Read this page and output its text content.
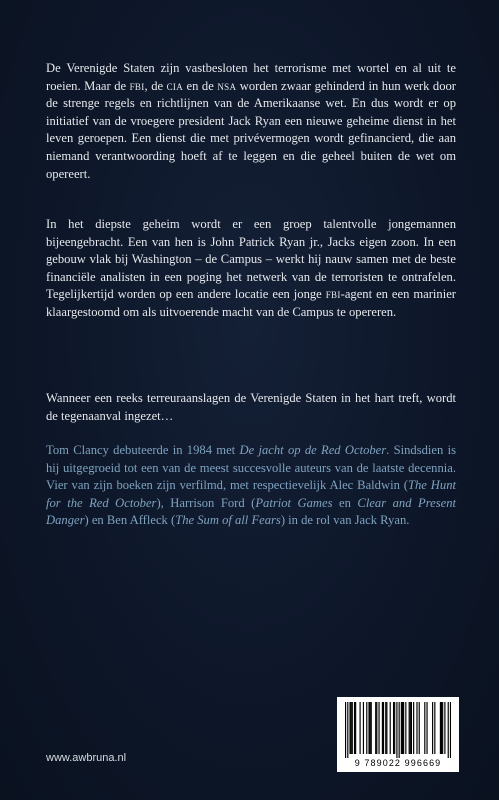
De Verenigde Staten zijn vastbesloten het terrorisme met wortel en al uit te roeien. Maar de fbi, de cia en de nsa worden zwaar gehinderd in hun werk door de strenge regels en richtlijnen van de Amerikaanse wet. En dus wordt er op initiatief van de vroegere president Jack Ryan een nieuwe geheime dienst in het leven geroepen. Een dienst die met privévermogen wordt gefinancierd, die aan niemand verantwoording hoeft af te leggen en die geheel buiten de wet om opereert.

In het diepste geheim wordt er een groep talentvolle jongemannen bijeengebracht. Een van hen is John Patrick Ryan jr., Jacks eigen zoon. In een gebouw vlak bij Washington – de Campus – werkt hij nauw samen met de beste financiële analisten in een poging het netwerk van de terroristen te ontrafelen. Tegelijkertijd worden op een andere locatie een jonge fbi-agent en een marinier klaargestoomd om als uitvoerende macht van de Campus te opereren.

Wanneer een reeks terreuraanslagen de Verenigde Staten in het hart treft, wordt de tegenaanval ingezet…

Tom Clancy debuteerde in 1984 met De jacht op de Red October. Sindsdien is hij uitgegroeid tot een van de meest succesvolle auteurs van de laatste decennia. Vier van zijn boeken zijn verfilmd, met respectievelijk Alec Baldwin (The Hunt for the Red October), Harrison Ford (Patriot Games en Clear and Present Danger) en Ben Affleck (The Sum of all Fears) in de rol van Jack Ryan.

www.awbruna.nl	9 789022 996669
